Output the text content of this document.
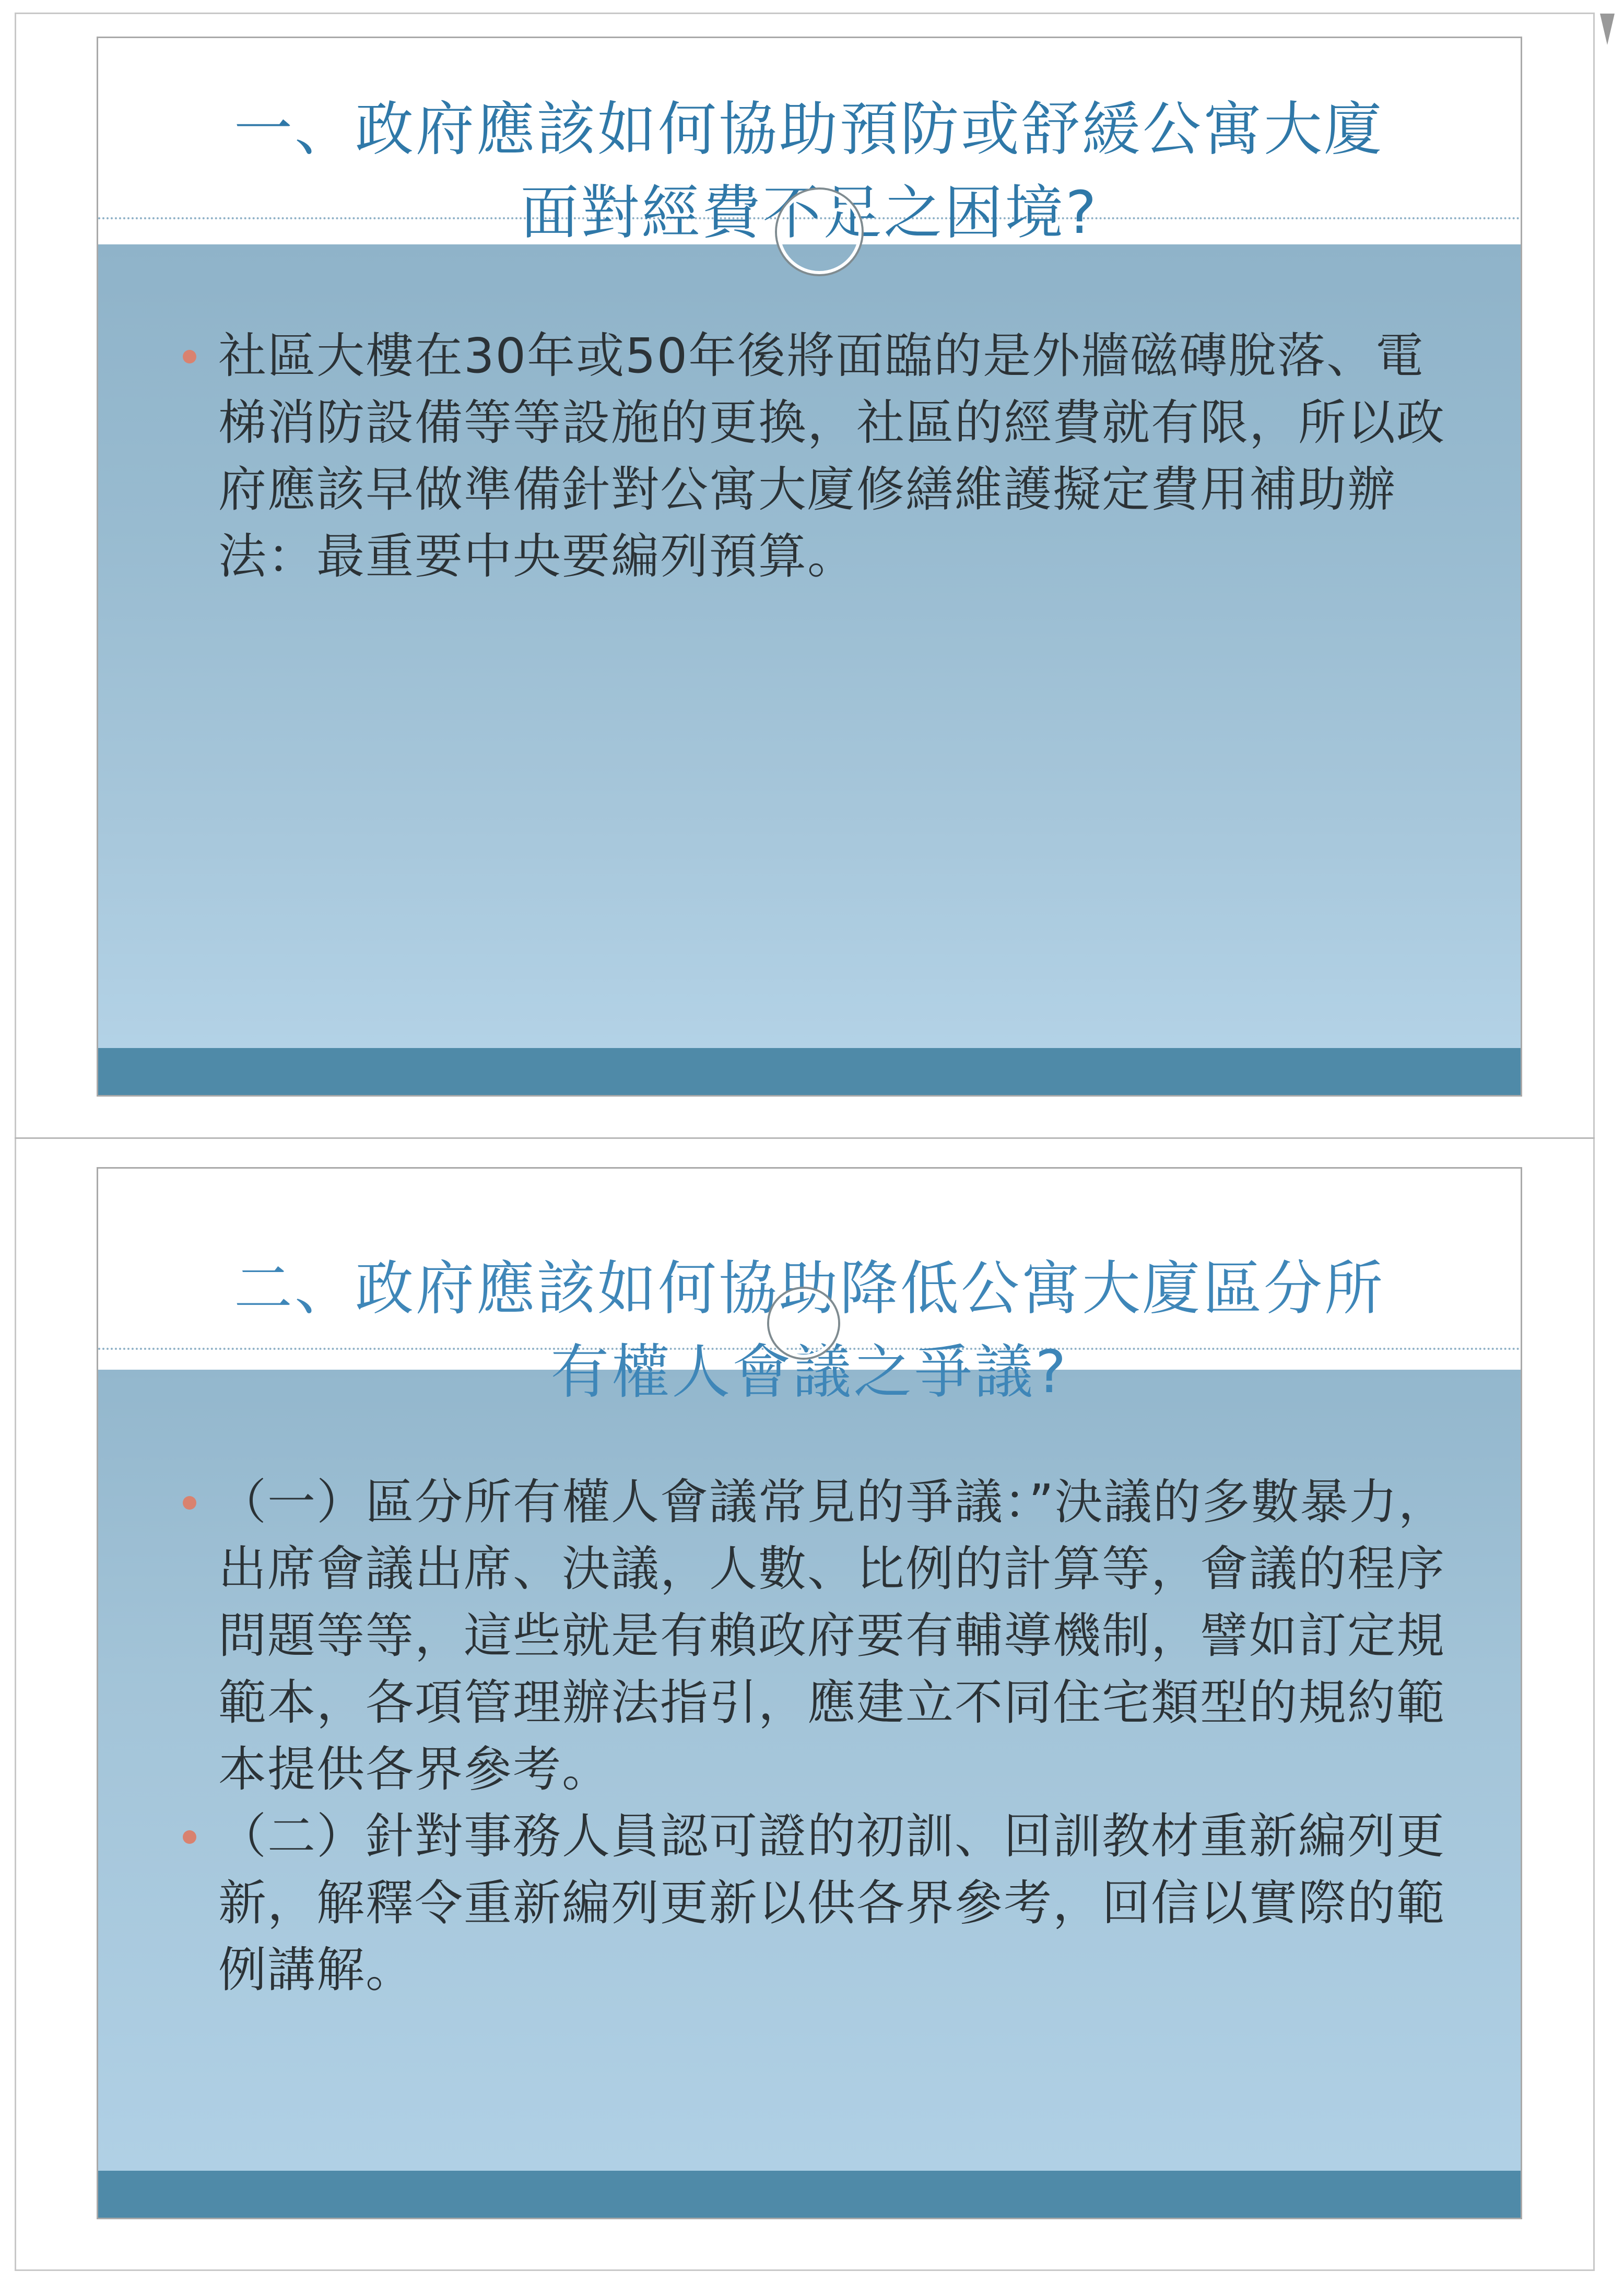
一、政府應該如何協助預防或舒緩公寓大廈
面對經費不足之困境?
社區大樓在30年或50年後將面臨的是外牆磁磚脫落、電梯消防設備等等設施的更換，社區的經費就有限，所以政府應該早做準備針對公寓大廈修繕維護擬定費用補助辦法：最重要中央要編列預算。
二、政府應該如何協助降低公寓大廈區分所
有權人會議之爭議?
（一）區分所有權人會議常見的爭議：”決議的多數暴力，出席會議出席、決議，人數、比例的計算等，會議的程序問題等等，這些就是有賴政府要有輔導機制，譬如訂定規範本，各項管理辦法指引，應建立不同住宅類型的規約範本提供各界參考。
（二）針對事務人員認可證的初訓、回訓教材重新編列更新，解釋令重新編列更新以供各界參考，回信以實際的範例講解。
